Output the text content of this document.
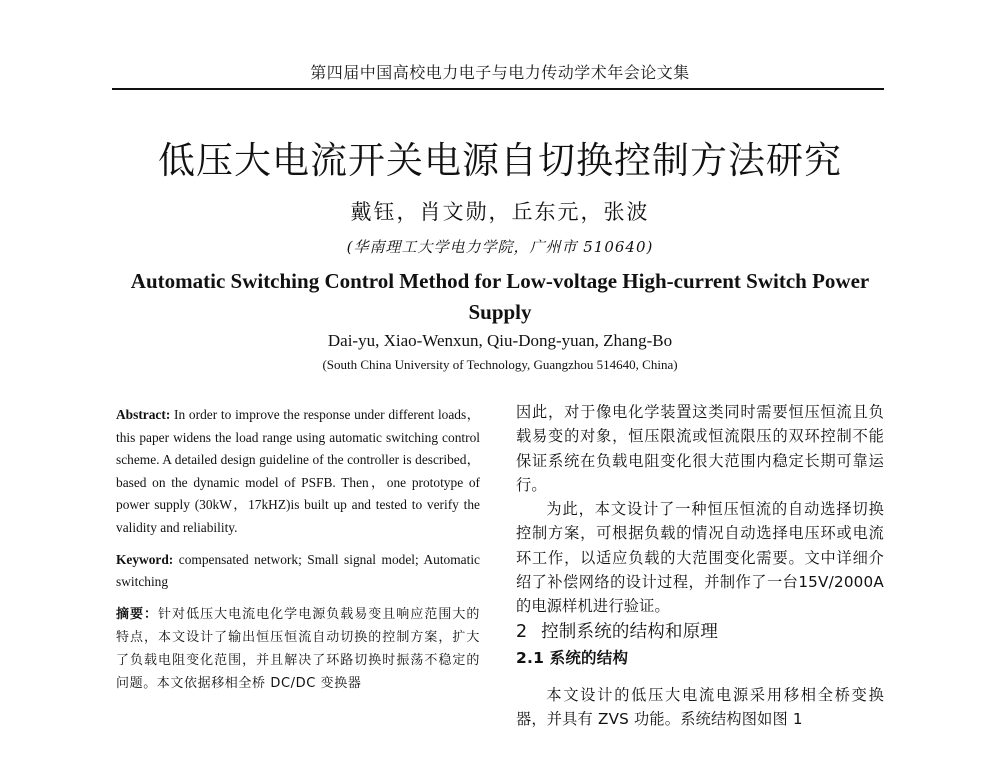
第四届中国高校电力电子与电力传动学术年会论文集
低压大电流开关电源自切换控制方法研究
戴钰，肖文勋，丘东元，张波
(华南理工大学电力学院，广州市 510640)
Automatic Switching Control Method for Low-voltage High-current Switch Power Supply
Dai-yu, Xiao-Wenxun, Qiu-Dong-yuan, Zhang-Bo
(South China University of Technology, Guangzhou 514640, China)
Abstract: In order to improve the response under different loads，this paper widens the load range using automatic switching control scheme. A detailed design guideline of the controller is described，based on the dynamic model of PSFB. Then，one prototype of power supply (30kW，17kHZ)is built up and tested to verify the validity and reliability.
Keyword: compensated network; Small signal model; Automatic switching
摘要：针对低压大电流电化学电源负载易变且响应范围大的特点，本文设计了输出恒压恒流自动切换的控制方案，扩大了负载电阻变化范围，并且解决了环路切换时振荡不稳定的问题。本文依据移相全桥 DC/DC 变换器

因此，对于像电化学装置这类同时需要恒压恒流且负载易变的对象，恒压限流或恒流限压的双环控制不能保证系统在负载电阻变化很大范围内稳定长期可靠运行。

为此，本文设计了一种恒压恒流的自动选择切换控制方案，可根据负载的情况自动选择电压环或电流环工作，以适应负载的大范围变化需要。文中详细介绍了补偿网络的设计过程，并制作了一台15V/2000A的电源样机进行验证。

2 控制系统的结构和原理

2.1 系统的结构

本文设计的低压大电流电源采用移相全桥变换器，并具有 ZVS 功能。系统结构图如图 1
